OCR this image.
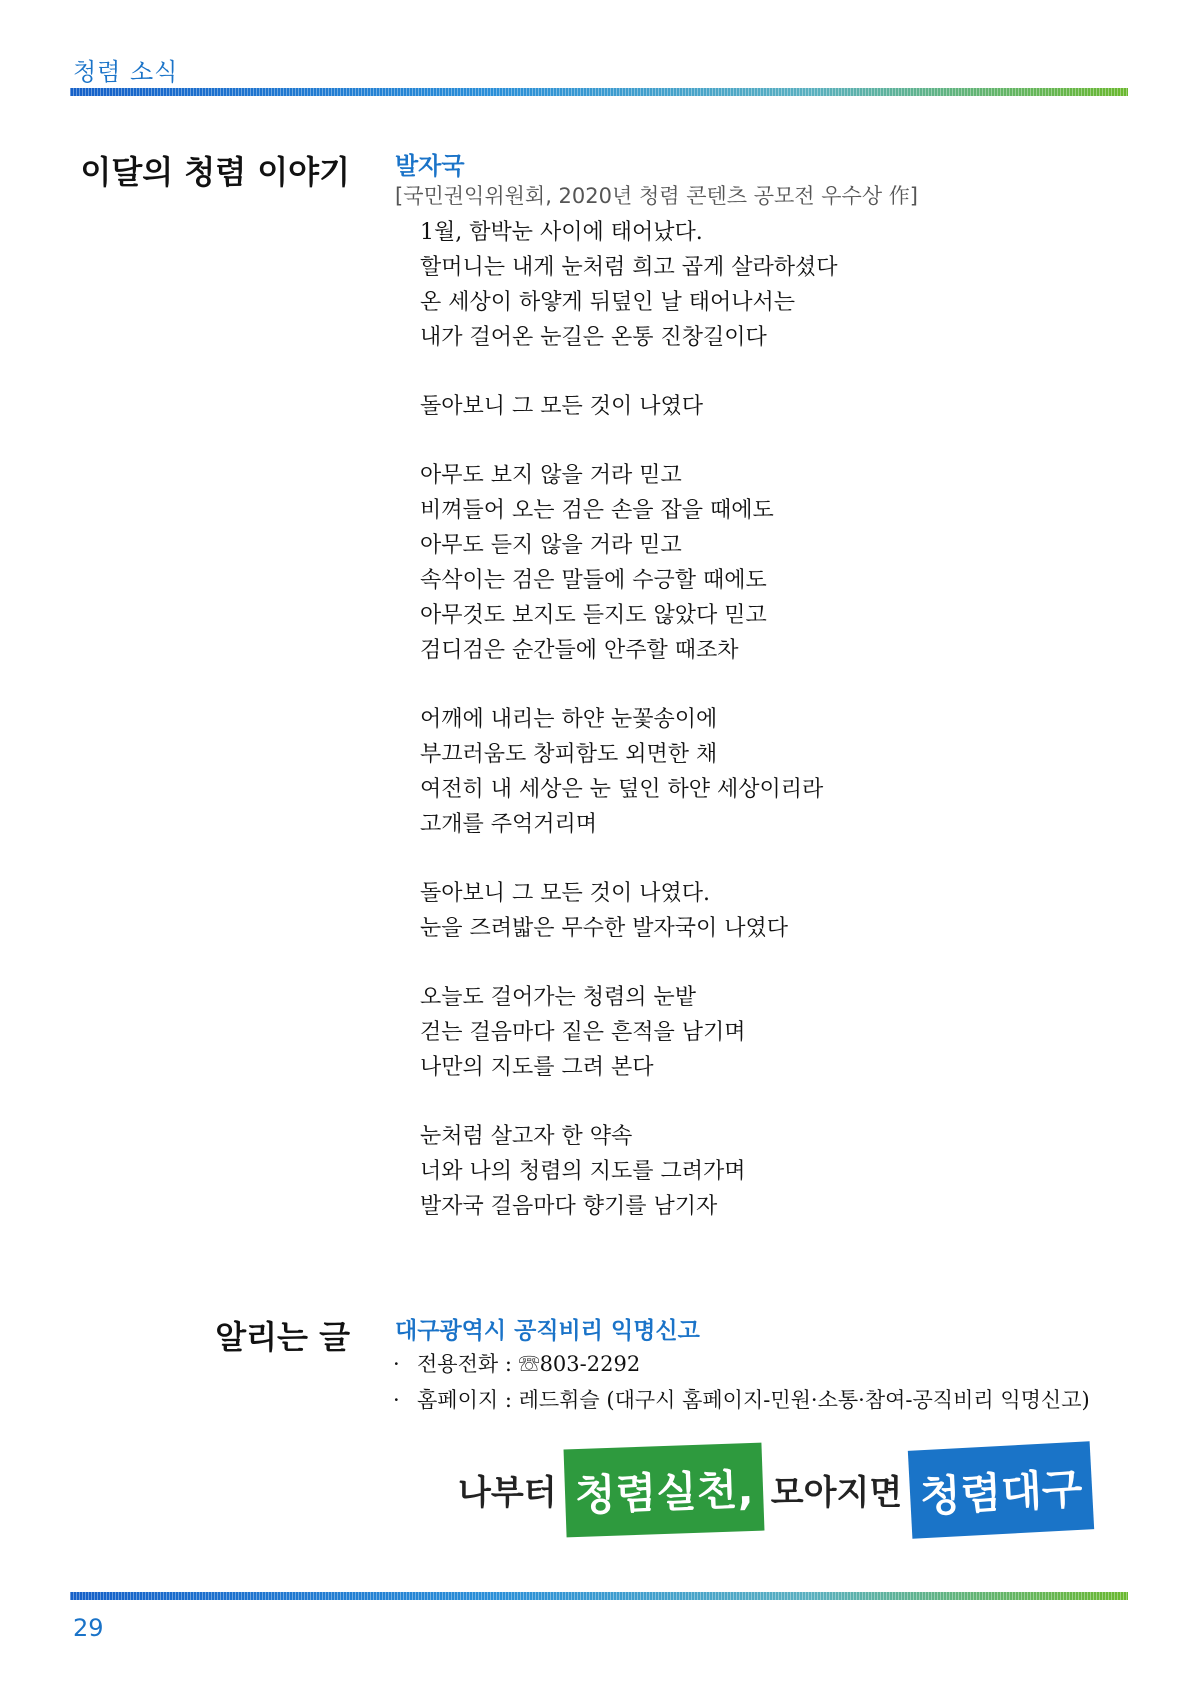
청렴 소식
이달의 청렴 이야기 발자국
[국민권익위원회, 2020년 청렴 콘텐츠 공모전 우수상 作]
1월, 함박눈 사이에 태어났다.
할머니는 내게 눈처럼 희고 곱게 살라하셨다
온 세상이 하얗게 뒤덮인 날 태어나서는
내가 걸어온 눈길은 온통 진창길이다
돌아보니 그 모든 것이 나였다
아무도 보지 않을 거라 믿고
비껴들어 오는 검은 손을 잡을 때에도
아무도 듣지 않을 거라 믿고
속삭이는 검은 말들에 수긍할 때에도
아무것도 보지도 듣지도 않았다 믿고
검디검은 순간들에 안주할 때조차
어깨에 내리는 하얀 눈꽃송이에
부끄러움도 창피함도 외면한 채
여전히 내 세상은 눈 덮인 하얀 세상이리라
고개를 주억거리며
돌아보니 그 모든 것이 나였다.
눈을 즈려밟은 무수한 발자국이 나였다
오늘도 걸어가는 청렴의 눈밭
걷는 걸음마다 짙은 흔적을 남기며
나만의 지도를 그려 본다
눈처럼 살고자 한 약속
너와 나의 청렴의 지도를 그려가며
발자국 걸음마다 향기를 남기자
알리는 글 대구광역시 공직비리 익명신고
· 전용전화 : ☏803-2292
· 홈페이지 : 레드휘슬 (대구시 홈페이지-민원·소통·참여-공직비리 익명신고)
나부터 청렴실천, 모아지면 청렴대구
29
